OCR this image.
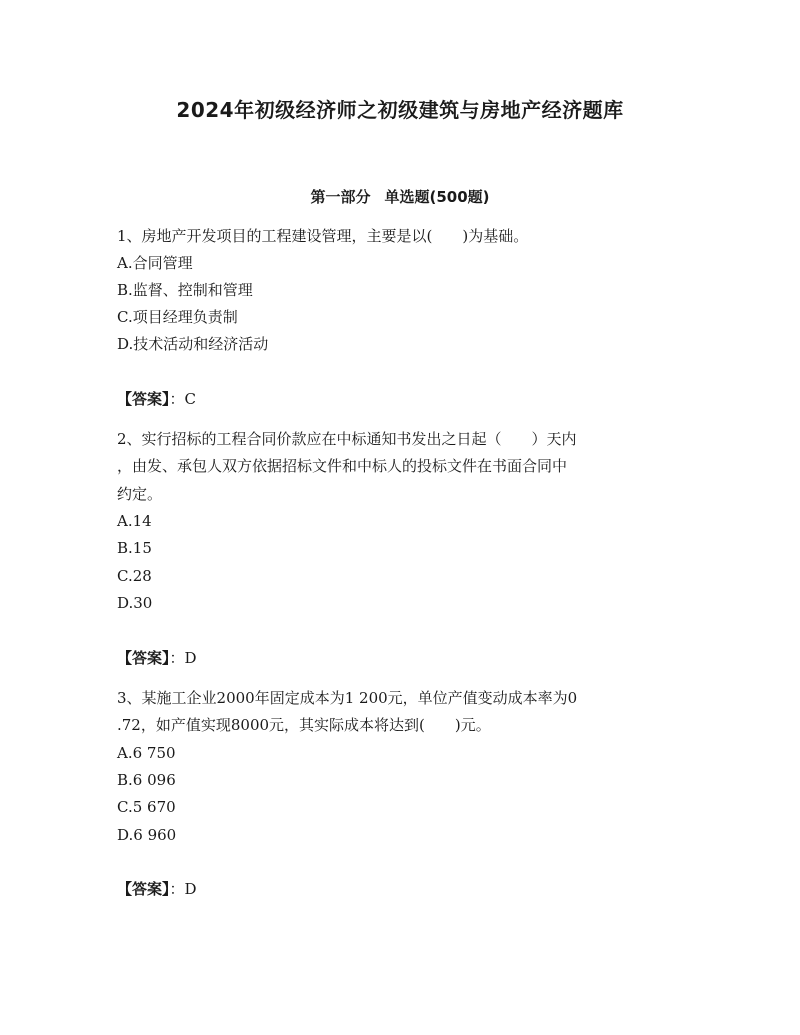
2024年初级经济师之初级建筑与房地产经济题库
第一部分 单选题(500题)
1、房地产开发项目的工程建设管理，主要是以(　　)为基础。
A.合同管理
B.监督、控制和管理
C.项目经理负责制
D.技术活动和经济活动
【答案】：C
2、实行招标的工程合同价款应在中标通知书发出之日起（　　）天内
，由发、承包人双方依据招标文件和中标人的投标文件在书面合同中
约定。
A.14
B.15
C.28
D.30
【答案】：D
3、某施工企业2000年固定成本为1 200元，单位产值变动成本率为0
.72，如产值实现8000元，其实际成本将达到(　　)元。
A.6 750
B.6 096
C.5 670
D.6 960
【答案】：D
